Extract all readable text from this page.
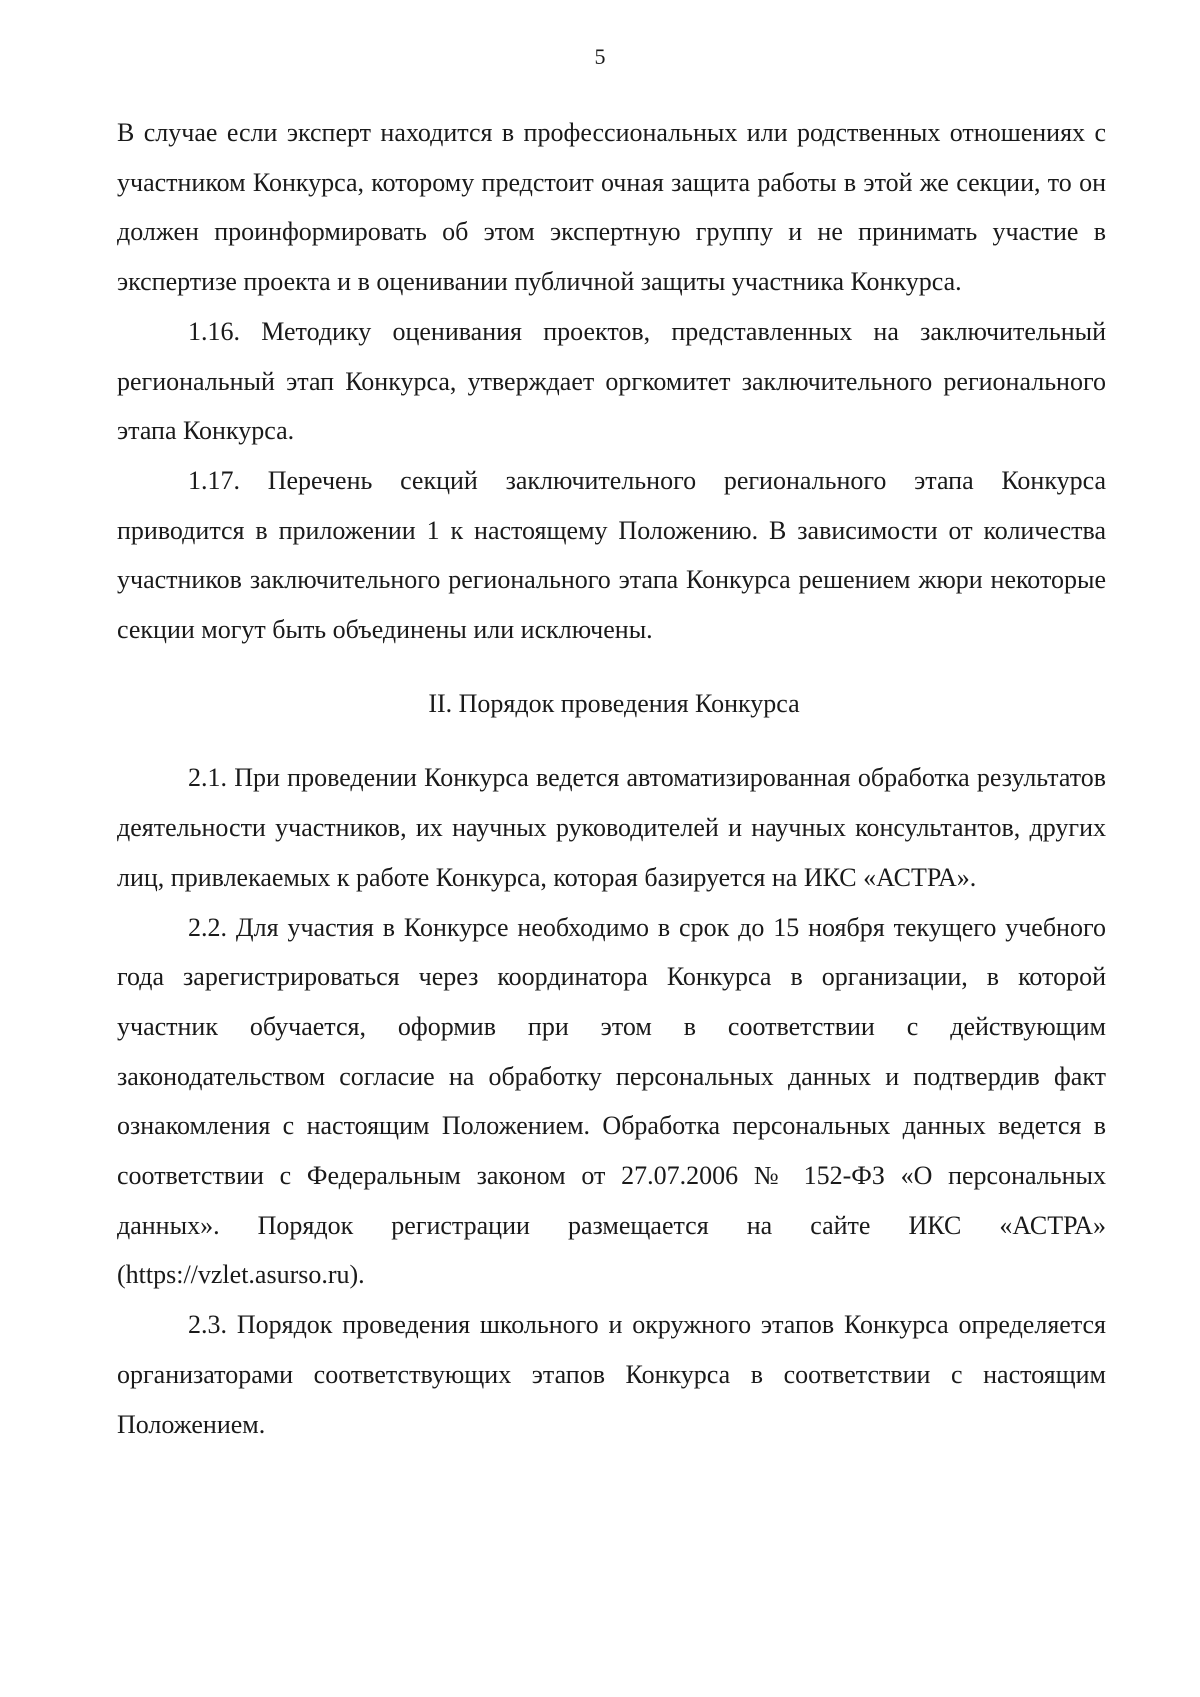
5

В случае если эксперт находится в профессиональных или родственных отношениях с участником Конкурса, которому предстоит очная защита работы в этой же секции, то он должен проинформировать об этом экспертную группу и не принимать участие в экспертизе проекта и в оценивании публичной защиты участника Конкурса.

1.16. Методику оценивания проектов, представленных на заключительный региональный этап Конкурса, утверждает оргкомитет заключительного регионального этапа Конкурса.

1.17. Перечень секций заключительного регионального этапа Конкурса приводится в приложении 1 к настоящему Положению. В зависимости от количества участников заключительного регионального этапа Конкурса решением жюри некоторые секции могут быть объединены или исключены.

II. Порядок проведения Конкурса

2.1. При проведении Конкурса ведется автоматизированная обработка результатов деятельности участников, их научных руководителей и научных консультантов, других лиц, привлекаемых к работе Конкурса, которая базируется на ИКС «АСТРА».

2.2. Для участия в Конкурсе необходимо в срок до 15 ноября текущего учебного года зарегистрироваться через координатора Конкурса в организации, в которой участник обучается, оформив при этом в соответствии с действующим законодательством согласие на обработку персональных данных и подтвердив факт ознакомления с настоящим Положением. Обработка персональных данных ведется в соответствии с Федеральным законом от 27.07.2006 № 152-ФЗ «О персональных данных». Порядок регистрации размещается на сайте ИКС «АСТРА» (https://vzlet.asurso.ru).

2.3. Порядок проведения школьного и окружного этапов Конкурса определяется организаторами соответствующих этапов Конкурса в соответствии с настоящим Положением.
